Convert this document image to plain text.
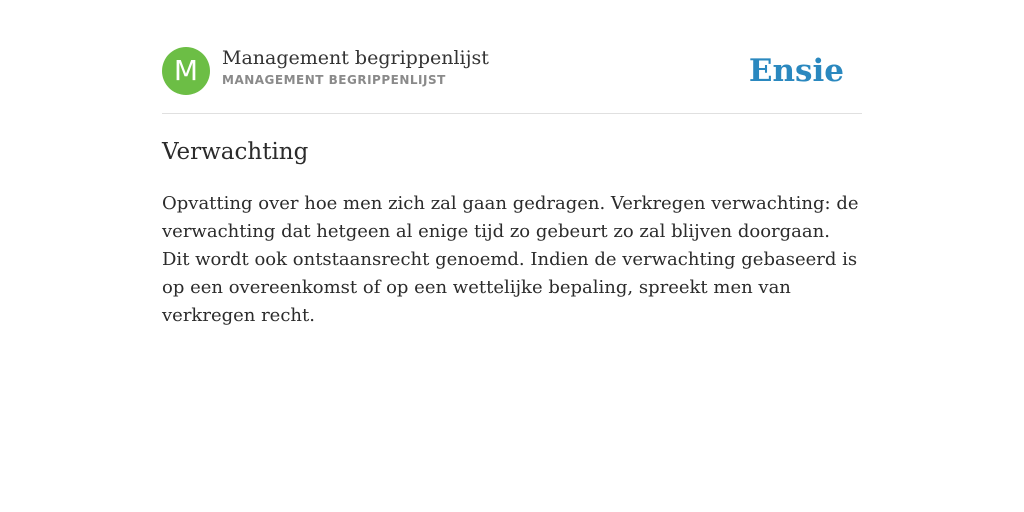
M	Management begrippenlijst
MANAGEMENT BEGRIPPENLIJST	Ensie
Verwachting

Opvatting over hoe men zich zal gaan gedragen. Verkregen verwachting: de verwachting dat hetgeen al enige tijd zo gebeurt zo zal blijven doorgaan. Dit wordt ook ontstaansrecht genoemd. Indien de verwachting gebaseerd is op een overeenkomst of op een wettelijke bepaling, spreekt men van verkregen recht.
